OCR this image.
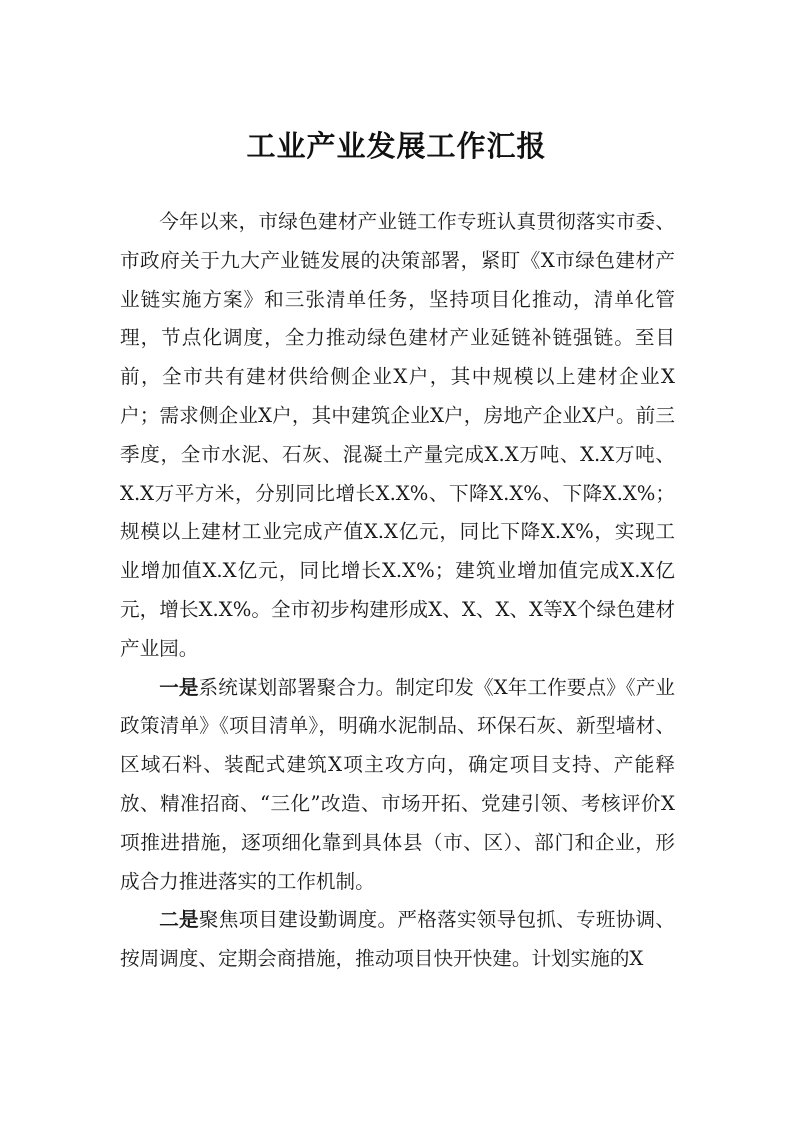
工业产业发展工作汇报

今年以来，市绿色建材产业链工作专班认真贯彻落实市委、市政府关于九大产业链发展的决策部署，紧盯《X市绿色建材产业链实施方案》和三张清单任务，坚持项目化推动，清单化管理，节点化调度，全力推动绿色建材产业延链补链强链。至目前，全市共有建材供给侧企业X户，其中规模以上建材企业X户；需求侧企业X户，其中建筑企业X户，房地产企业X户。前三季度，全市水泥、石灰、混凝土产量完成X.X万吨、X.X万吨、X.X万平方米，分别同比增长X.X%、下降X.X%、下降X.X%；规模以上建材工业完成产值X.X亿元，同比下降X.X%，实现工业增加值X.X亿元，同比增长X.X%；建筑业增加值完成X.X亿元，增长X.X%。全市初步构建形成X、X、X、X等X个绿色建材产业园。

一是系统谋划部署聚合力。制定印发《X年工作要点》《产业政策清单》《项目清单》，明确水泥制品、环保石灰、新型墙材、区域石料、装配式建筑X项主攻方向，确定项目支持、产能释放、精准招商、“三化”改造、市场开拓、党建引领、考核评价X项推进措施，逐项细化靠到具体县（市、区）、部门和企业，形成合力推进落实的工作机制。

二是聚焦项目建设勤调度。严格落实领导包抓、专班协调、按周调度、定期会商措施，推动项目快开快建。计划实施的X
